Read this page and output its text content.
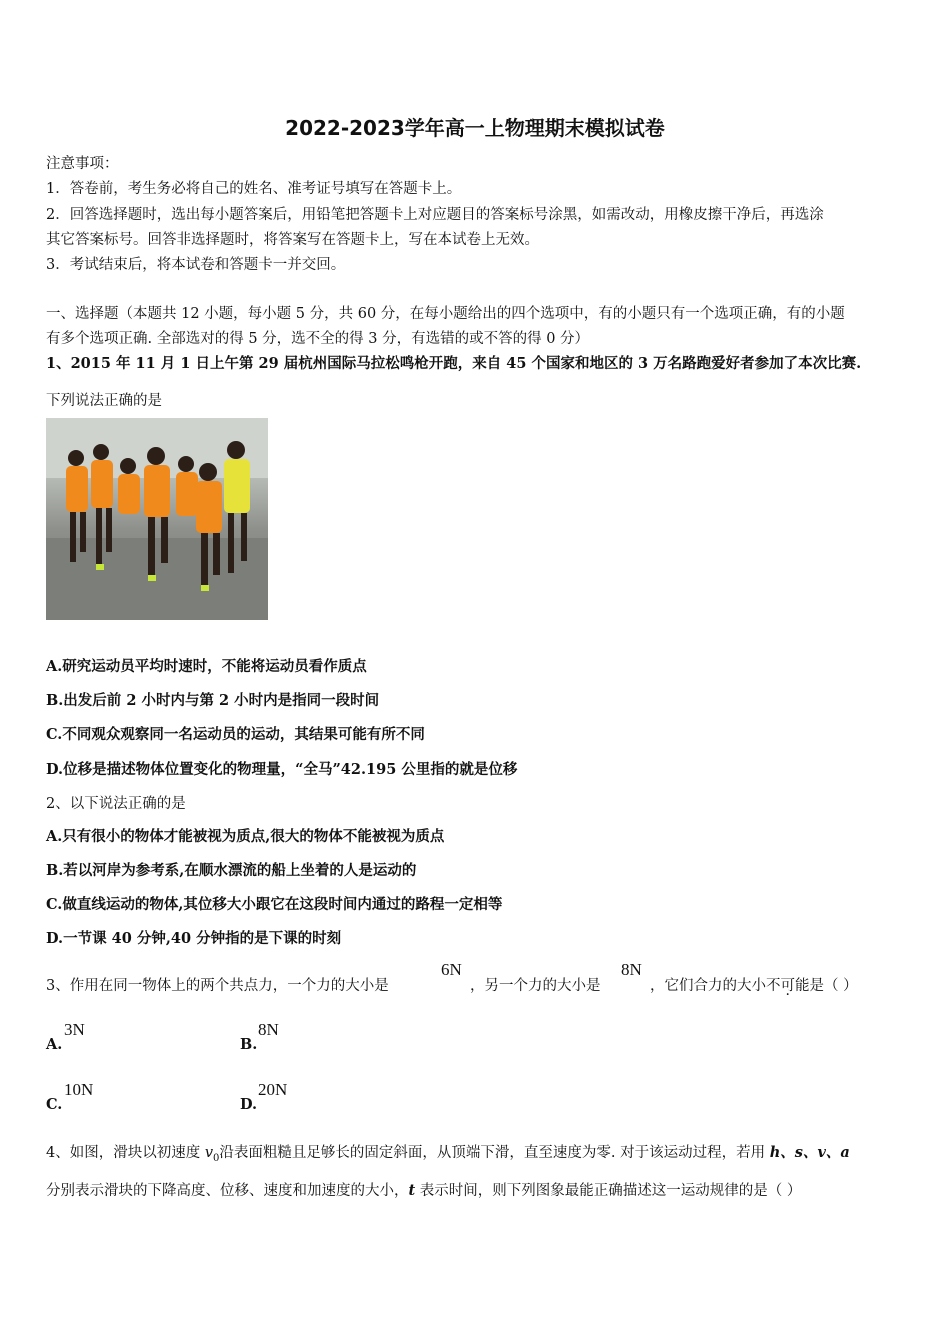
2022-2023学年高一上物理期末模拟试卷
注意事项：
1．答卷前，考生务必将自己的姓名、准考证号填写在答题卡上。
2．回答选择题时，选出每小题答案后，用铅笔把答题卡上对应题目的答案标号涂黑，如需改动，用橡皮擦干净后，再选涂
其它答案标号。回答非选择题时，将答案写在答题卡上，写在本试卷上无效。
3．考试结束后，将本试卷和答题卡一并交回。
一、选择题（本题共 12 小题，每小题 5 分，共 60 分，在每小题给出的四个选项中，有的小题只有一个选项正确，有的小题
有多个选项正确. 全部选对的得 5 分，选不全的得 3 分，有选错的或不答的得 0 分）
1、2015 年 11 月 1 日上午第 29 届杭州国际马拉松鸣枪开跑，来自 45 个国家和地区的 3 万名路跑爱好者参加了本次比赛.
下列说法正确的是
A.研究运动员平均时速时，不能将运动员看作质点
B.出发后前 2 小时内与第 2 小时内是指同一段时间
C.不同观众观察同一名运动员的运动，其结果可能有所不同
D.位移是描述物体位置变化的物理量，“全马”42.195 公里指的就是位移
2、以下说法正确的是
A.只有很小的物体才能被视为质点,很大的物体不能被视为质点
B.若以河岸为参考系,在顺水漂流的船上坐着的人是运动的
C.做直线运动的物体,其位移大小跟它在这段时间内通过的路程一定相等
D.一节课 40 分钟,40 分钟指的是下课的时刻
3、作用在同一物体上的两个共点力，一个力的大小是
6N
，另一个力的大小是
8N
，它们合力的大小不可能是（ ）
A.
3N
B.
8N
C.
10N
D.
20N
4、如图，滑块以初速度 $v_0$沿表面粗糙且足够长的固定斜面，从顶端下滑，直至速度为零. 对于该运动过程，若用 h、s、v、a
分别表示滑块的下降高度、位移、速度和加速度的大小，t 表示时间，则下列图象最能正确描述这一运动规律的是（ ）
